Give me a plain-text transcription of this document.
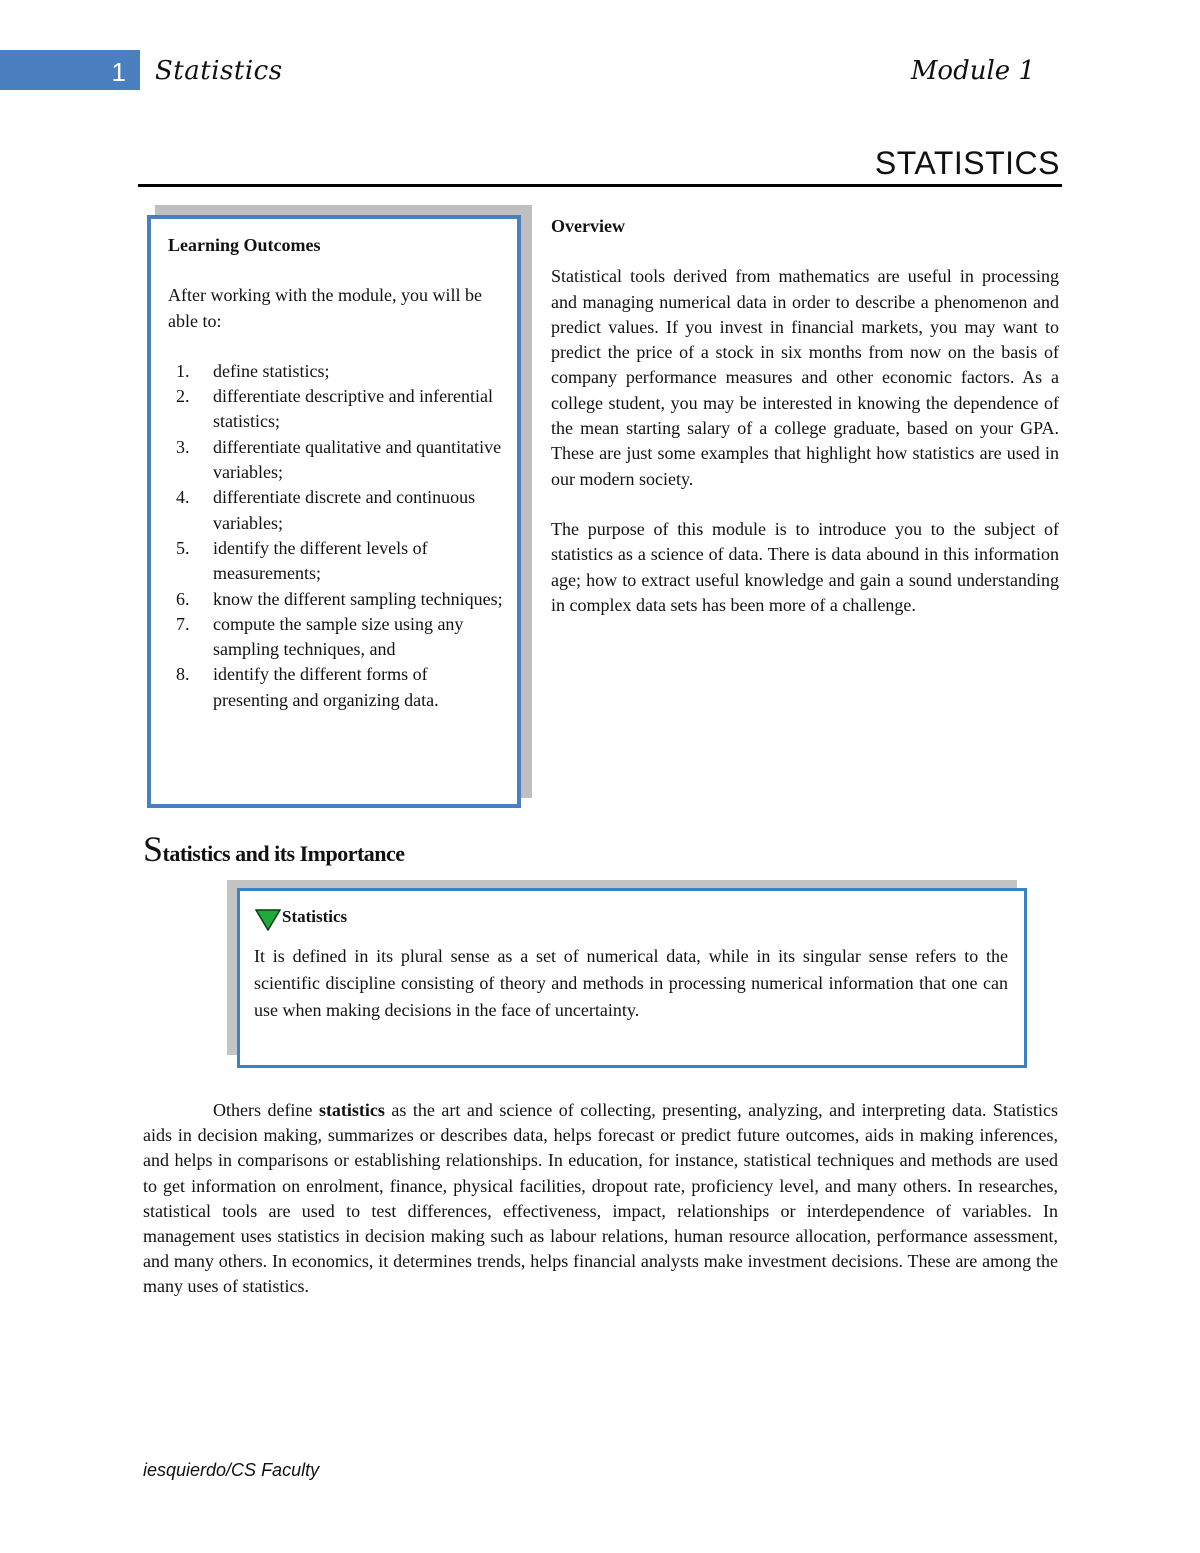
1	Statistics	Module 1
STATISTICS
Learning Outcomes
After working with the module, you will be able to:
1. define statistics;
2. differentiate descriptive and inferential statistics;
3. differentiate qualitative and quantitative variables;
4. differentiate discrete and continuous variables;
5. identify the different levels of measurements;
6. know the different sampling techniques;
7. compute the sample size using any sampling techniques, and
8. identify the different forms of presenting and organizing data.
Overview

Statistical tools derived from mathematics are useful in processing and managing numerical data in order to describe a phenomenon and predict values. If you invest in financial markets, you may want to predict the price of a stock in six months from now on the basis of company performance measures and other economic factors. As a college student, you may be interested in knowing the dependence of the mean starting salary of a college graduate, based on your GPA. These are just some examples that highlight how statistics are used in our modern society.

The purpose of this module is to introduce you to the subject of statistics as a science of data. There is data abound in this information age; how to extract useful knowledge and gain a sound understanding in complex data sets has been more of a challenge.

Statistics and its Importance
Statistics

It is defined in its plural sense as a set of numerical data, while in its singular sense refers to the scientific discipline consisting of theory and methods in processing numerical information that one can use when making decisions in the face of uncertainty.

Others define statistics as the art and science of collecting, presenting, analyzing, and interpreting data. Statistics aids in decision making, summarizes or describes data, helps forecast or predict future outcomes, aids in making inferences, and helps in comparisons or establishing relationships. In education, for instance, statistical techniques and methods are used to get information on enrolment, finance, physical facilities, dropout rate, proficiency level, and many others. In researches, statistical tools are used to test differences, effectiveness, impact, relationships or interdependence of variables. In management uses statistics in decision making such as labour relations, human resource allocation, performance assessment, and many others. In economics, it determines trends, helps financial analysts make investment decisions. These are among the many uses of statistics.

iesquierdo/CS Faculty
